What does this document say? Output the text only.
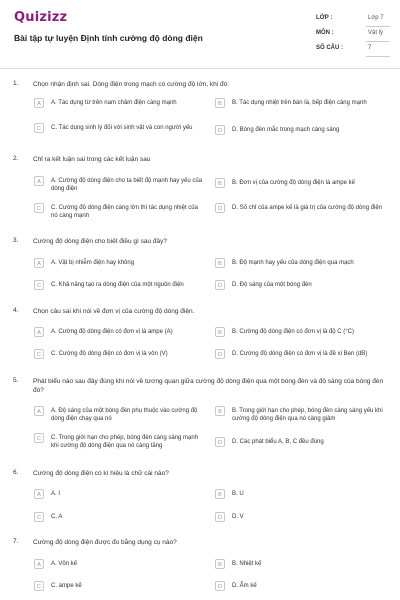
Quizizz
Bài tập tự luyện Định tính cường độ dòng điện
LỚP :	Lớp 7
MÔN :	Vật lý
SỐ CÂU :	7
1. Chọn nhận định sai. Dòng điện trong mạch có cường độ lớn, khi đó:
A	A. Tác dụng từ trên nam châm điện càng mạnh	B	B. Tác dụng nhiệt trên bàn là, bếp điện càng mạnh
C	C. Tác dụng sinh lý đối với sinh vật và con người yếu	D	D. Bóng đèn mắc trong mạch càng sáng
2. Chỉ ra kết luận sai trong các kết luận sau
A	A. Cường độ dòng điện cho ta biết độ mạnh hay yếu của dòng điện
B	B. Đơn vị của cường độ dòng điện là ampe kế
C	C. Cường độ dòng điện càng lớn thì tác dụng nhiệt của nó càng mạnh
D	D. Số chỉ của ampe kế là giá trị của cường độ dòng điện
3. Cường độ dòng điện cho biết điều gì sau đây?
A	A. Vật bị nhiễm điện hay không	B	B. Độ mạnh hay yếu của dòng điện qua mạch
C	C. Khả năng tạo ra dòng điện của một nguồn điện	D	D. Độ sáng của một bóng đèn
4. Chọn câu sai khi nói về đơn vị của cường độ dòng điện.
A	A. Cường độ dòng điện có đơn vị là ampe (A)	B	B. Cường độ dòng điện có đơn vị là độ C (°C)
C	C. Cường độ dòng điện có đơn vị là vôn (V)	D	D. Cường độ dòng điện có đơn vị là đề xi Ben (dB)
5. Phát biểu nào sau đây đúng khi nói về tương quan giữa cường độ dòng điện qua một bóng đèn và độ sáng của bóng đèn đó?
A	A. Độ sáng của một bóng đèn phụ thuộc vào cường độ dòng điện chạy qua nó
B	B. Trong giới hạn cho phép, bóng đèn càng sáng yếu khi cường độ dòng điện qua nó càng giảm
C	C. Trong giới hạn cho phép, bóng đèn càng sáng mạnh khi cường độ dòng điện qua nó càng tăng	D	D. Các phát biểu A, B, C đều đúng
6. Cường độ dòng điện có kí hiệu là chữ cái nào?
A	A. I	B	B. U
C	C. A	D	D. V
7. Cường độ dòng điện được đo bằng dụng cụ nào?
A	A. Vôn kế	B	B. Nhiệt kế
C	C. ampe kế	D	D. Ẩm kế
